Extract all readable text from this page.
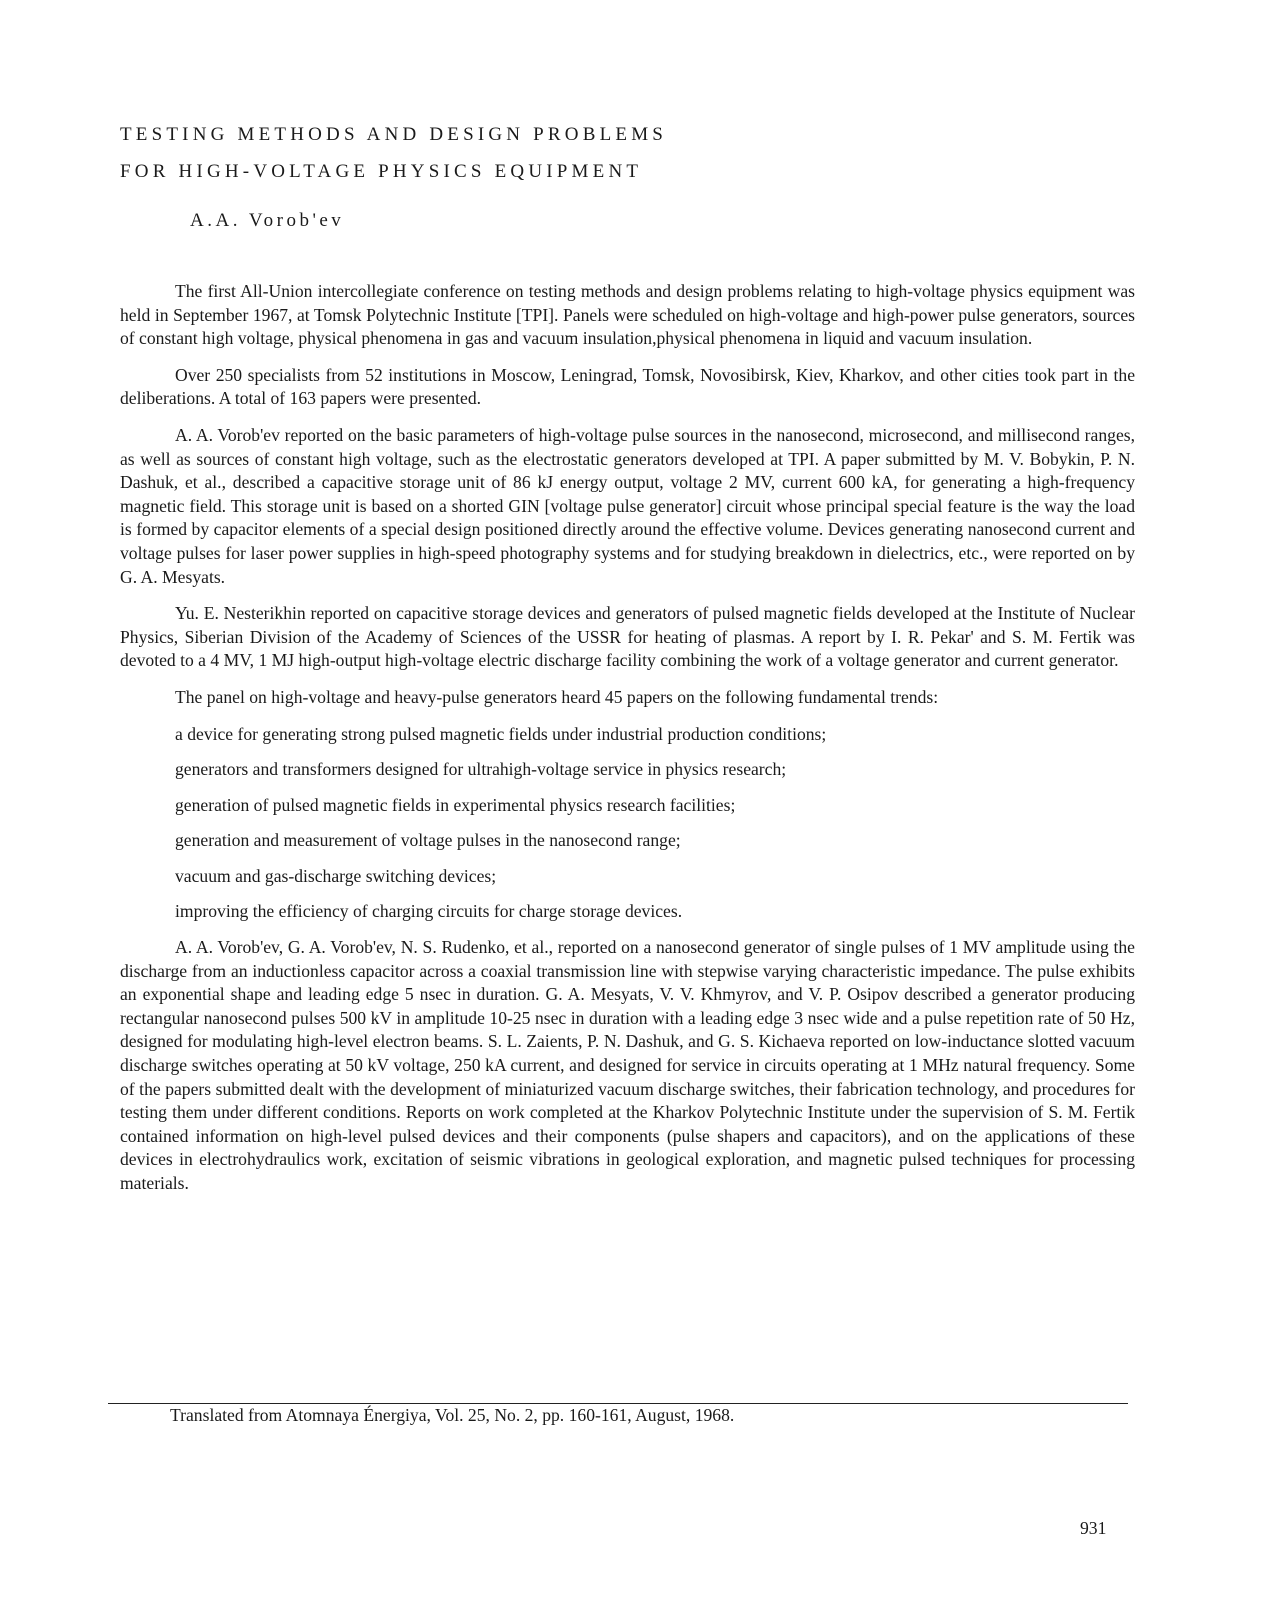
TESTING METHODS AND DESIGN PROBLEMS
FOR HIGH-VOLTAGE PHYSICS EQUIPMENT
A.A. Vorob'ev

The first All-Union intercollegiate conference on testing methods and design problems relating to high-voltage physics equipment was held in September 1967, at Tomsk Polytechnic Institute [TPI]. Panels were scheduled on high-voltage and high-power pulse generators, sources of constant high voltage, physical phenomena in gas and vacuum insulation,physical phenomena in liquid and vacuum insulation.

Over 250 specialists from 52 institutions in Moscow, Leningrad, Tomsk, Novosibirsk, Kiev, Kharkov, and other cities took part in the deliberations. A total of 163 papers were presented.

A. A. Vorob'ev reported on the basic parameters of high-voltage pulse sources in the nanosecond, microsecond, and millisecond ranges, as well as sources of constant high voltage, such as the electrostatic generators developed at TPI. A paper submitted by M. V. Bobykin, P. N. Dashuk, et al., described a capacitive storage unit of 86 kJ energy output, voltage 2 MV, current 600 kA, for generating a high-frequency magnetic field. This storage unit is based on a shorted GIN [voltage pulse generator] circuit whose principal special feature is the way the load is formed by capacitor elements of a special design positioned directly around the effective volume. Devices generating nanosecond current and voltage pulses for laser power supplies in high-speed photography systems and for studying breakdown in dielectrics, etc., were reported on by G. A. Mesyats.

Yu. E. Nesterikhin reported on capacitive storage devices and generators of pulsed magnetic fields developed at the Institute of Nuclear Physics, Siberian Division of the Academy of Sciences of the USSR for heating of plasmas. A report by I. R. Pekar' and S. M. Fertik was devoted to a 4 MV, 1 MJ high-output high-voltage electric discharge facility combining the work of a voltage generator and current generator.

The panel on high-voltage and heavy-pulse generators heard 45 papers on the following fundamental trends:

a device for generating strong pulsed magnetic fields under industrial production conditions;

generators and transformers designed for ultrahigh-voltage service in physics research;

generation of pulsed magnetic fields in experimental physics research facilities;

generation and measurement of voltage pulses in the nanosecond range;

vacuum and gas-discharge switching devices;

improving the efficiency of charging circuits for charge storage devices.

A. A. Vorob'ev, G. A. Vorob'ev, N. S. Rudenko, et al., reported on a nanosecond generator of single pulses of 1 MV amplitude using the discharge from an inductionless capacitor across a coaxial transmission line with stepwise varying characteristic impedance. The pulse exhibits an exponential shape and leading edge 5 nsec in duration. G. A. Mesyats, V. V. Khmyrov, and V. P. Osipov described a generator producing rectangular nanosecond pulses 500 kV in amplitude 10-25 nsec in duration with a leading edge 3 nsec wide and a pulse repetition rate of 50 Hz, designed for modulating high-level electron beams. S. L. Zaients, P. N. Dashuk, and G. S. Kichaeva reported on low-inductance slotted vacuum discharge switches operating at 50 kV voltage, 250 kA current, and designed for service in circuits operating at 1 MHz natural frequency. Some of the papers submitted dealt with the development of miniaturized vacuum discharge switches, their fabrication technology, and procedures for testing them under different conditions. Reports on work completed at the Kharkov Polytechnic Institute under the supervision of S. M. Fertik contained information on high-level pulsed devices and their components (pulse shapers and capacitors), and on the applications of these devices in electrohydraulics work, excitation of seismic vibrations in geological exploration, and magnetic pulsed techniques for processing materials.

Translated from Atomnaya Énergiya, Vol. 25, No. 2, pp. 160-161, August, 1968.
931
